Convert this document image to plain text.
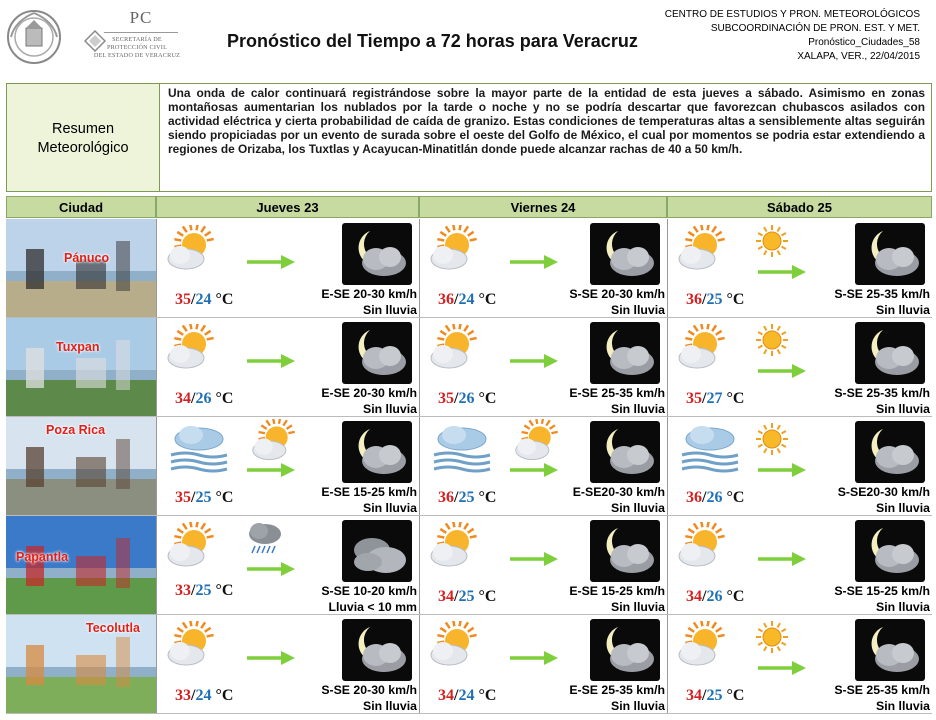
PC
SECRETARÍA DE
PROTECCIÓN CIVIL
DEL ESTADO DE VERACRUZ
Pronóstico del Tiempo a 72 horas para Veracruz
CENTRO DE ESTUDIOS Y PRON. METEOROLÓGICOS
SUBCOORDINACIÓN DE PRON. EST. Y MET.
Pronóstico_Ciudades_58
XALAPA, VER., 22/04/2015
Resumen Meteorológico
Una onda de calor continuará registrándose sobre la mayor parte de la entidad de esta jueves a sábado. Asimismo en zonas montañosas aumentarian los nublados por la tarde o noche y no se podría descartar que favorezcan chubascos asilados con actividad eléctrica y cierta probabilidad de caída de granizo. Estas condiciones de temperaturas altas a sensiblemente altas seguirán siendo propiciadas por un evento de surada sobre el oeste del Golfo de México, el cual por momentos se podria estar extendiendo a regiones de Orizaba, los Tuxtlas y Acayucan-Minatitlán donde puede alcanzar rachas de 40 a 50 km/h.
Ciudad	Jueves 23	Viernes 24	Sábado 25
Pánuco
35/24 °C	E-SE 20-30 km/h
Sin lluvia
36/24 °C	S-SE 20-30 km/h
Sin lluvia
36/25 °C	S-SE 25-35 km/h
Sin lluvia
Tuxpan
34/26 °C	E-SE 20-30 km/h
Sin lluvia
35/26 °C	E-SE 25-35 km/h
Sin lluvia
35/27 °C	S-SE 25-35 km/h
Sin lluvia
Poza Rica
35/25 °C	E-SE 15-25 km/h
Sin lluvia
36/25 °C	E-SE20-30 km/h
Sin lluvia
36/26 °C	S-SE20-30 km/h
Sin lluvia
Papantla
33/25 °C	S-SE 10-20 km/h
Lluvia < 10 mm
34/25 °C	E-SE 15-25 km/h
Sin lluvia
34/26 °C	S-SE 15-25 km/h
Sin lluvia
Tecolutla
33/24 °C	S-SE 20-30 km/h
Sin lluvia
34/24 °C	E-SE 25-35 km/h
Sin lluvia
34/25 °C	S-SE 25-35 km/h
Sin lluvia
